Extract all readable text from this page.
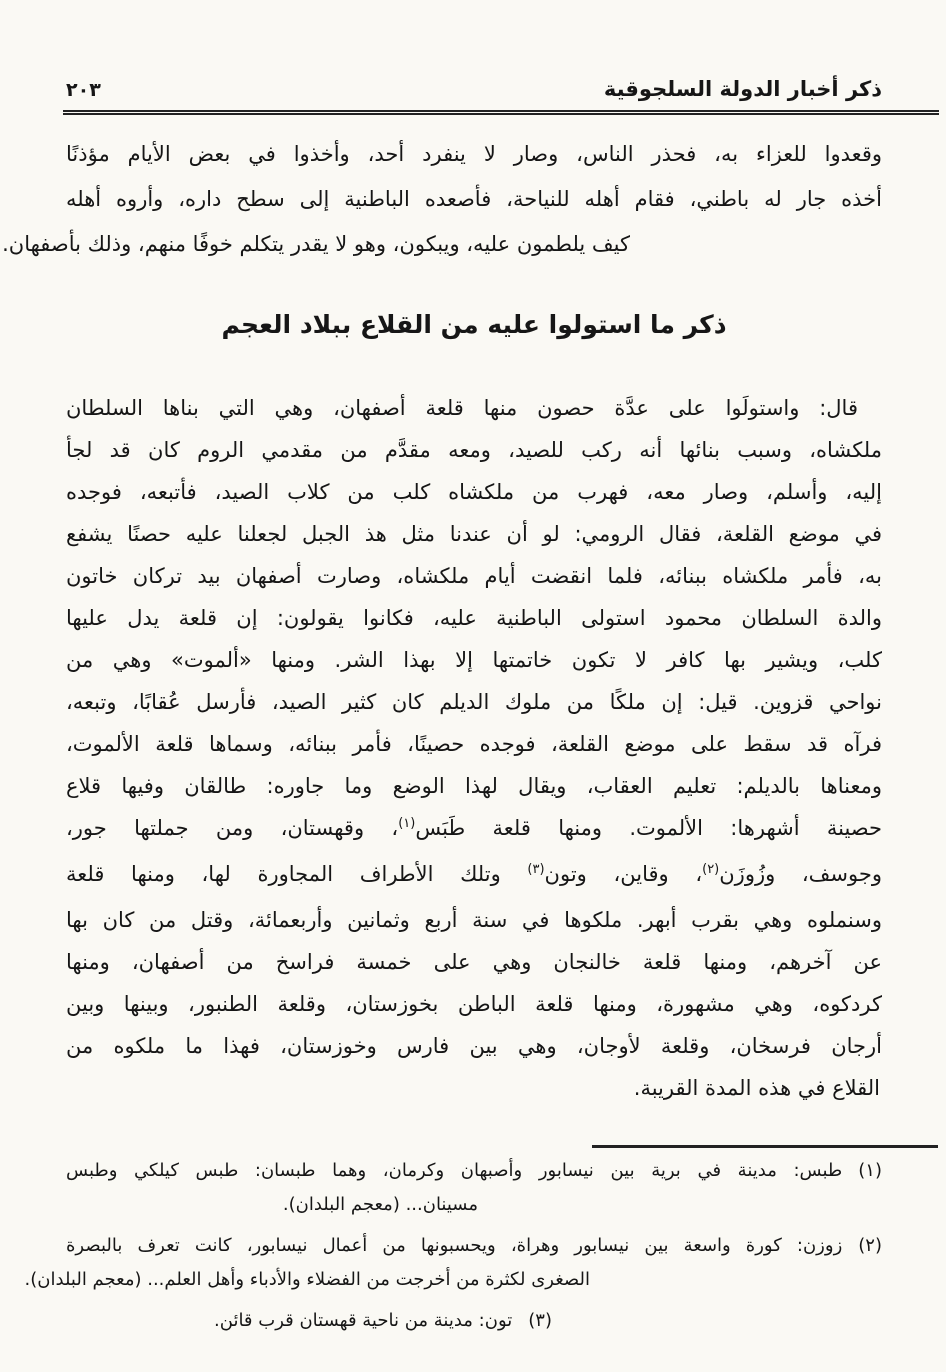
ذكر أخبار الدولة السلجوقية
٢٠٣
وقعدوا للعزاء به، فحذر الناس، وصار لا ينفرد أحد، وأخذوا في بعض الأيام مؤذنًا
أخذه جار له باطني، فقام أهله للنياحة، فأصعده الباطنية إلى سطح داره، وأروه أهله
كيف يلطمون عليه، ويبكون، وهو لا يقدر يتكلم خوفًا منهم، وذلك بأصفهان.
ذكر ما استولوا عليه من القلاع ببلاد العجم
قال: واستولَوا على عدَّة حصون منها قلعة أصفهان، وهي التي بناها السلطان
ملكشاه، وسبب بنائها أنه ركب للصيد، ومعه مقدَّم من مقدمي الروم كان قد لجأ
إليه، وأسلم، وصار معه، فهرب من ملكشاه كلب من كلاب الصيد، فأتبعه، فوجده
في موضع القلعة، فقال الرومي: لو أن عندنا مثل هذ الجبل لجعلنا عليه حصنًا يشفع
به، فأمر ملكشاه ببنائه، فلما انقضت أيام ملكشاه، وصارت أصفهان بيد تركان خاتون
والدة السلطان محمود استولى الباطنية عليه، فكانوا يقولون: إن قلعة يدل عليها
كلب، ويشير بها كافر لا تكون خاتمتها إلا بهذا الشر. ومنها «ألموت» وهي من
نواحي قزوين. قيل: إن ملكًا من ملوك الديلم كان كثير الصيد، فأرسل عُقابًا، وتبعه،
فرآه قد سقط على موضع القلعة، فوجده حصينًا، فأمر ببنائه، وسماها قلعة الألموت،
ومعناها بالديلم: تعليم العقاب، ويقال لهذا الوضع وما جاوره: طالقان وفيها قلاع
حصينة أشهرها: الألموت. ومنها قلعة طَبَس$^{(١)}$، وقهستان، ومن جملتها جور،
وجوسف، وزُوزَن$^{(٢)}$، وقاين، وتون$^{(٣)}$ وتلك الأطراف المجاورة لها، ومنها قلعة
وسنملوه وهي بقرب أبهر. ملكوها في سنة أربع وثمانين وأربعمائة، وقتل من كان بها
عن آخرهم، ومنها قلعة خالنجان وهي على خمسة فراسخ من أصفهان، ومنها
كردكوه، وهي مشهورة، ومنها قلعة الباطن بخوزستان، وقلعة الطنبور، وبينها وبين
أرجان فرسخان، وقلعة لأوجان، وهي بين فارس وخوزستان، فهذا ما ملكوه من
القلاع في هذه المدة القريبة.
(١)طبس: مدينة في برية بين نيسابور وأصبهان وكرمان، وهما طبسان: طبس كيلكي وطبس
مسينان... (معجم البلدان).
(٢)زوزن: كورة واسعة بين نيسابور وهراة، ويحسبونها من أعمال نيسابور، كانت تعرف بالبصرة
الصغرى لكثرة من أخرجت من الفضلاء والأدباء وأهل العلم... (معجم البلدان).
(٣)تون: مدينة من ناحية قهستان قرب قائن.
